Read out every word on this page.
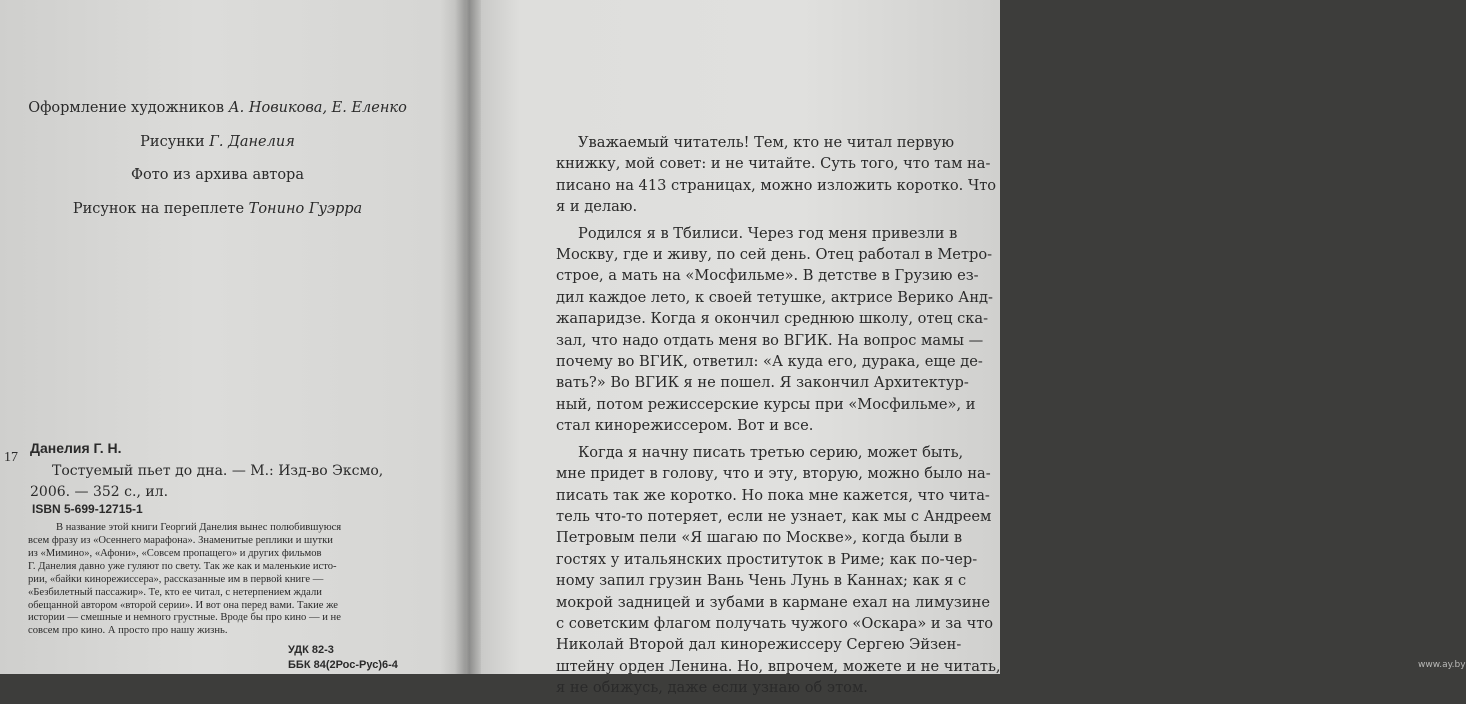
Оформление художников А. Новикова, Е. Еленко

Рисунки Г. Данелия

Фото из архива автора

Рисунок на переплете Тонино Гуэрра

17
Данелия Г. Н.
Тостуемый пьет до дна. — М.: Изд-во Эксмо,
2006. — 352 с., ил.
ISBN 5-699-12715-1
В название этой книги Георгий Данелия вынес полюбившуюся
всем фразу из «Осеннего марафона». Знаменитые реплики и шутки
из «Мимино», «Афони», «Совсем пропащего» и других фильмов
Г. Данелия давно уже гуляют по свету. Так же как и маленькие исто-
рии, «байки кинорежиссера», рассказанные им в первой книге —
«Безбилетный пассажир». Те, кто ее читал, с нетерпением ждали
обещанной автором «второй серии». И вот она перед вами. Такие же
истории — смешные и немного грустные. Вроде бы про кино — и не
совсем про кино. А просто про нашу жизнь.
УДК 82-3
ББК 84(2Рос-Рус)6-4

Уважаемый читатель! Тем, кто не читал первую
книжку, мой совет: и не читайте. Суть того, что там на-
писано на 413 страницах, можно изложить коротко. Что
я и делаю.

Родился я в Тбилиси. Через год меня привезли в
Москву, где и живу, по сей день. Отец работал в Метро-
строе, а мать на «Мосфильме». В детстве в Грузию ез-
дил каждое лето, к своей тетушке, актрисе Верико Анд-
жапаридзе. Когда я окончил среднюю школу, отец ска-
зал, что надо отдать меня во ВГИК. На вопрос мамы —
почему во ВГИК, ответил: «А куда его, дурака, еще де-
вать?» Во ВГИК я не пошел. Я закончил Архитектур-
ный, потом режиссерские курсы при «Мосфильме», и
стал кинорежиссером. Вот и все.

Когда я начну писать третью серию, может быть,
мне придет в голову, что и эту, вторую, можно было на-
писать так же коротко. Но пока мне кажется, что чита-
тель что-то потеряет, если не узнает, как мы с Андреем
Петровым пели «Я шагаю по Москве», когда были в
гостях у итальянских проституток в Риме; как по-чер-
ному запил грузин Вань Чень Лунь в Каннах; как я с
мокрой задницей и зубами в кармане ехал на лимузине
с советским флагом получать чужого «Оскара» и за что
Николай Второй дал кинорежиссеру Сергею Эйзен-
штейну орден Ленина. Но, впрочем, можете и не читать,
я не обижусь, даже если узнаю об этом.

www.ay.by
